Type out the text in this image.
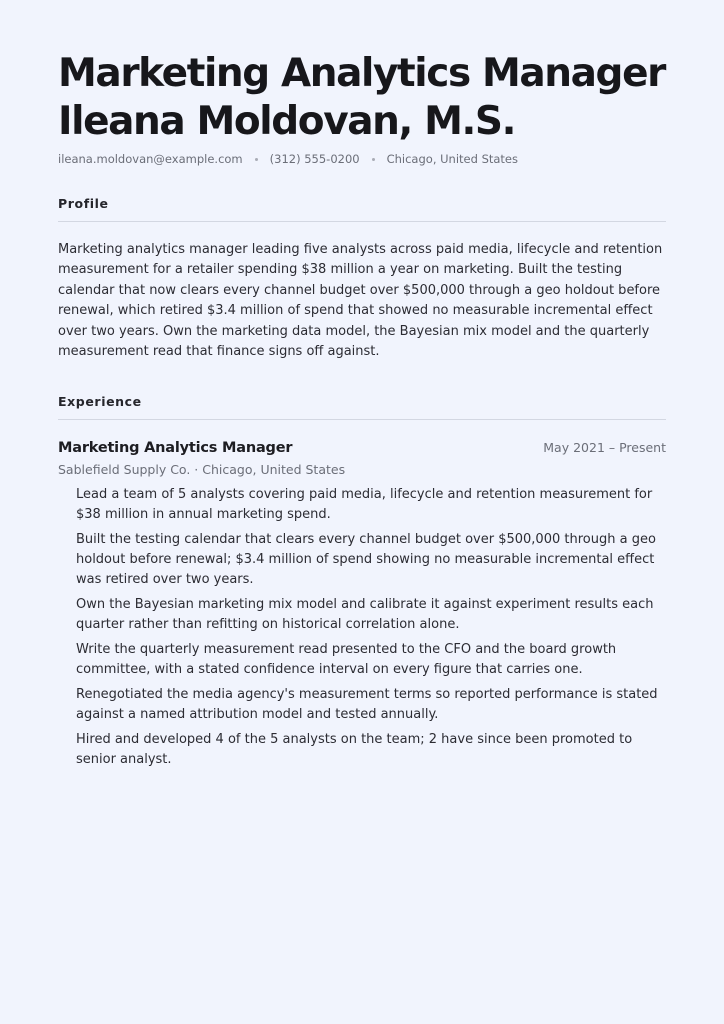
Marketing Analytics Manager
Ileana Moldovan, M.S.
ileana.moldovan@example.com (312) 555-0200 Chicago, United States
Profile

Marketing analytics manager leading five analysts across paid media, lifecycle and retention measurement for a retailer spending $38 million a year on marketing. Built the testing calendar that now clears every channel budget over $500,000 through a geo holdout before renewal, which retired $3.4 million of spend that showed no measurable incremental effect over two years. Own the marketing data model, the Bayesian mix model and the quarterly measurement read that finance signs off against.

Experience
Marketing Analytics Manager	May 2021 – Present
Sablefield Supply Co. · Chicago, United States
Lead a team of 5 analysts covering paid media, lifecycle and retention measurement for $38 million in annual marketing spend.
Built the testing calendar that clears every channel budget over $500,000 through a geo holdout before renewal; $3.4 million of spend showing no measurable incremental effect was retired over two years.
Own the Bayesian marketing mix model and calibrate it against experiment results each quarter rather than refitting on historical correlation alone.
Write the quarterly measurement read presented to the CFO and the board growth committee, with a stated confidence interval on every figure that carries one.
Renegotiated the media agency's measurement terms so reported performance is stated against a named attribution model and tested annually.
Hired and developed 4 of the 5 analysts on the team; 2 have since been promoted to senior analyst.
